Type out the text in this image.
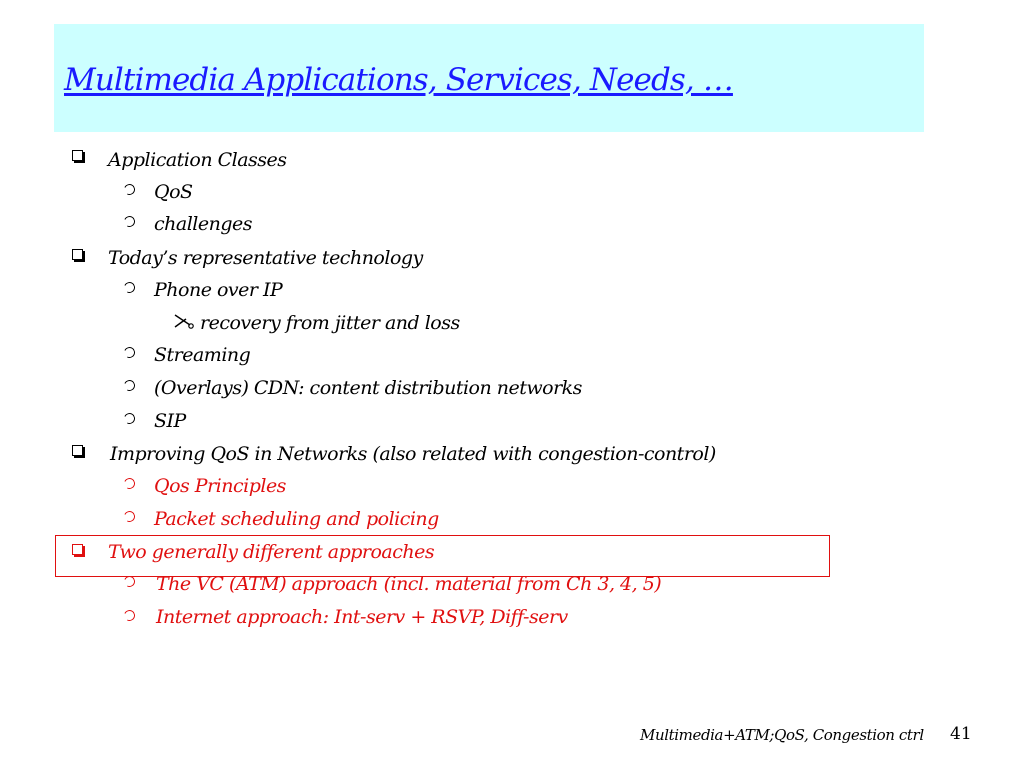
Multimedia Applications, Services, Needs, …
Application Classes
QoS
challenges
Today’s representative technology
Phone over IP
recovery from jitter and loss
Streaming
(Overlays) CDN: content distribution networks
SIP
Improving QoS in Networks (also related with congestion-control)
Qos Principles
Packet scheduling and policing
Two generally different approaches
The VC (ATM) approach (incl. material from Ch 3, 4, 5)
Internet approach: Int-serv + RSVP, Diff-serv
Multimedia+ATM;QoS, Congestion ctrl 41
